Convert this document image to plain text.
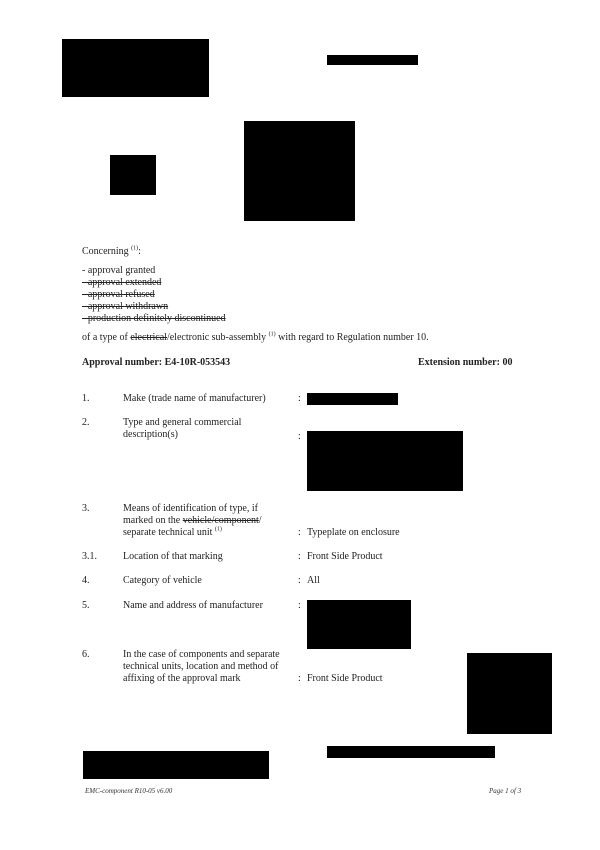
Concerning $^{(1)}$:
- approval granted
- approval extended
- approval refused
- approval withdrawn
- production definitely discontinued
of a type of electrical/electronic sub-assembly $^{(1)}$ with regard to Regulation number 10.
Approval number: E4-10R-053543	Extension number: 00
1.	Make (trade name of manufacturer)	:
2.	Type and general commercial
description(s)	:
3.	Means of identification of type, if
marked on the vehicle/component/
separate technical unit $^{(1)}$	: Typeplate on enclosure
3.1.	Location of that marking	: Front Side Product
4.	Category of vehicle	: All
5.	Name and address of manufacturer	:
6.	In the case of components and separate
technical units, location and method of
affixing of the approval mark	: Front Side Product
EMC-component R10-05 v6.00	Page 1 of 3
